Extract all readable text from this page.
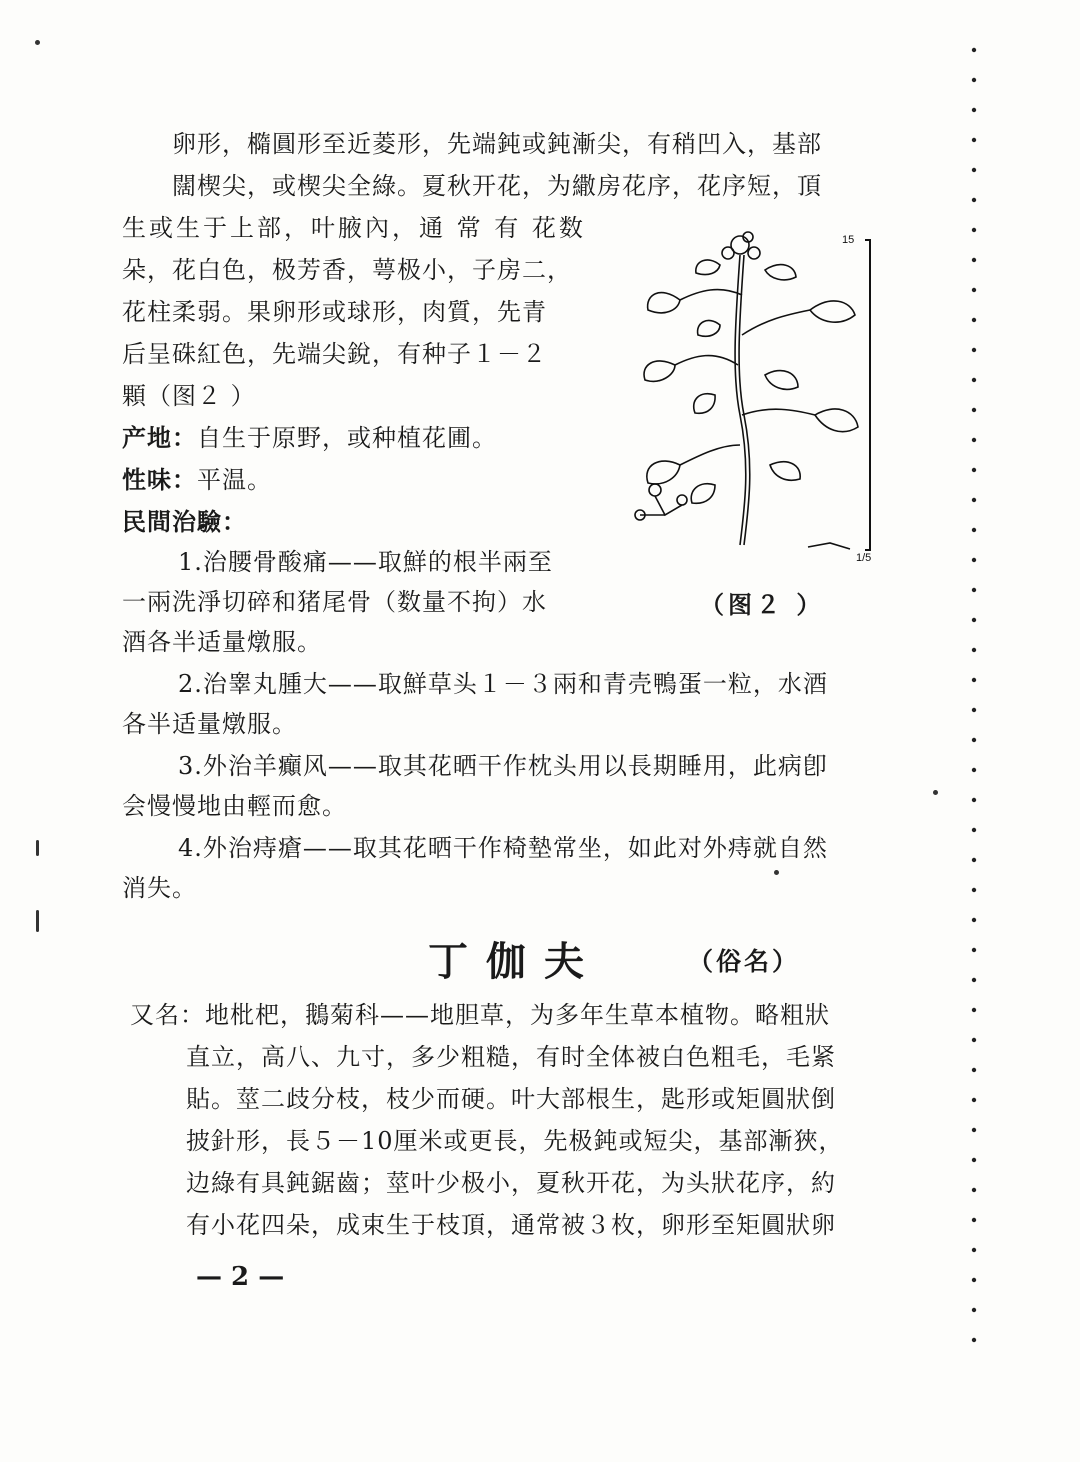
卵形，橢圓形至近菱形，先端鈍或鈍漸尖，有稍凹入，基部
闊楔尖，或楔尖全綠。夏秋开花，为繖房花序，花序短，頂
生或生于上部，叶腋內，通 常 有 花数
朵，花白色，极芳香，萼极小，子房二，
花柱柔弱。果卵形或球形，肉質，先青
后呈硃紅色，先端尖銳，有种子１－２
顆（图２ ）
产地：自生于原野，或种植花圃。
性味：平温。
民間治驗：
1.治腰骨酸痛——取鮮的根半兩至
一兩洗淨切碎和猪尾骨（数量不拘）水
酒各半适量燉服。
2.治睾丸腫大——取鮮草头１－３兩和青壳鴨蛋一粒，水酒
各半适量燉服。
3.外治羊癲风——取其花晒干作枕头用以長期睡用，此病卽
会慢慢地由輕而愈。
4.外治痔瘡——取其花晒干作椅墊常坐，如此对外痔就自然
消失。
15
1/5
（图２ ）
丁伽夫	（俗名）
又名：地枇杷，鵝菊科——地胆草，为多年生草本植物。略粗狀
直立，高八、九寸，多少粗糙，有时全体被白色粗毛，毛紧
貼。莖二歧分枝，枝少而硬。叶大部根生，匙形或矩圓狀倒
披針形，長５－10厘米或更長，先极鈍或短尖，基部漸狹，
边綠有具鈍鋸齒；莖叶少极小，夏秋开花，为头狀花序，約
有小花四朵，成束生于枝頂，通常被３枚，卵形至矩圓狀卵
— 2 —
